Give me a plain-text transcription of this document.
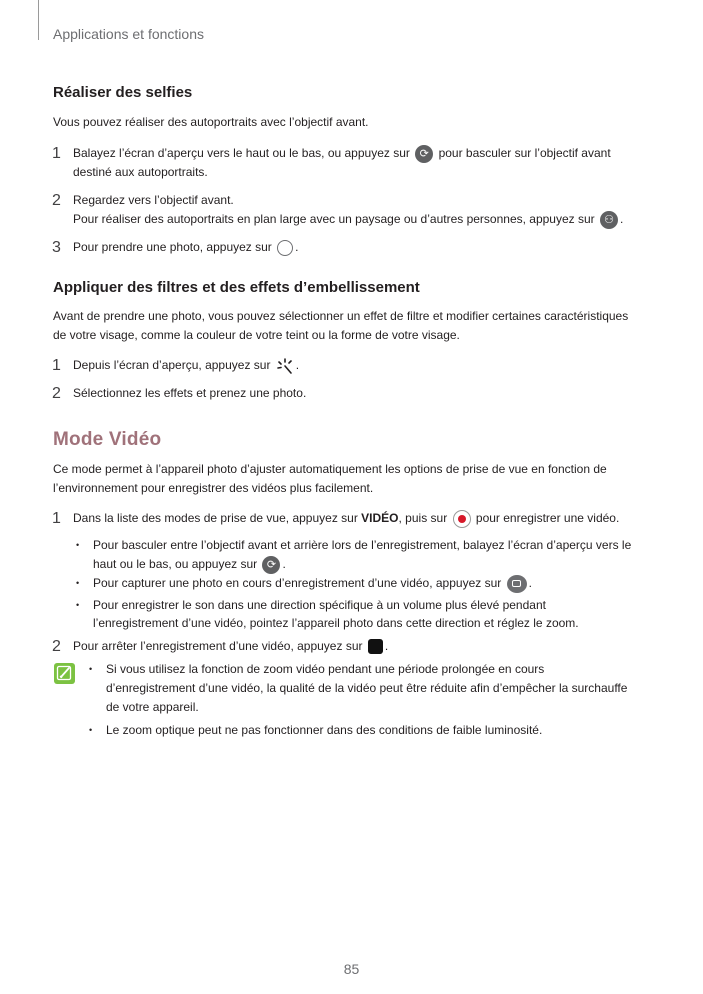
Applications et fonctions
Réaliser des selfies
Vous pouvez réaliser des autoportraits avec l’objectif avant.
1	Balayez l’écran d’aperçu vers le haut ou le bas, ou appuyez sur ⟳ pour basculer sur l’objectif avant
destiné aux autoportraits.
2	Regardez vers l’objectif avant.
Pour réaliser des autoportraits en plan large avec un paysage ou d’autres personnes, appuyez sur ⚇ .
3	Pour prendre une photo, appuyez sur .
Appliquer des filtres et des effets d’embellissement
Avant de prendre une photo, vous pouvez sélectionner un effet de filtre et modifier certaines caractéristiques
de votre visage, comme la couleur de votre teint ou la forme de votre visage.
1	Depuis l’écran d’aperçu, appuyez sur .
2	Sélectionnez les effets et prenez une photo.
Mode Vidéo
Ce mode permet à l’appareil photo d’ajuster automatiquement les options de prise de vue en fonction de
l’environnement pour enregistrer des vidéos plus facilement.
1	Dans la liste des modes de prise de vue, appuyez sur VIDÉO, puis sur pour enregistrer une vidéo.
• Pour basculer entre l’objectif avant et arrière lors de l’enregistrement, balayez l’écran d’aperçu vers le
haut ou le bas, ou appuyez sur ⟳ .
• Pour capturer une photo en cours d’enregistrement d’une vidéo, appuyez sur .
• Pour enregistrer le son dans une direction spécifique à un volume plus élevé pendant
l’enregistrement d’une vidéo, pointez l’appareil photo dans cette direction et réglez le zoom.
2	Pour arrêter l’enregistrement d’une vidéo, appuyez sur .
• Si vous utilisez la fonction de zoom vidéo pendant une période prolongée en cours
d’enregistrement d’une vidéo, la qualité de la vidéo peut être réduite afin d’empêcher la surchauffe
de votre appareil.
• Le zoom optique peut ne pas fonctionner dans des conditions de faible luminosité.
85
